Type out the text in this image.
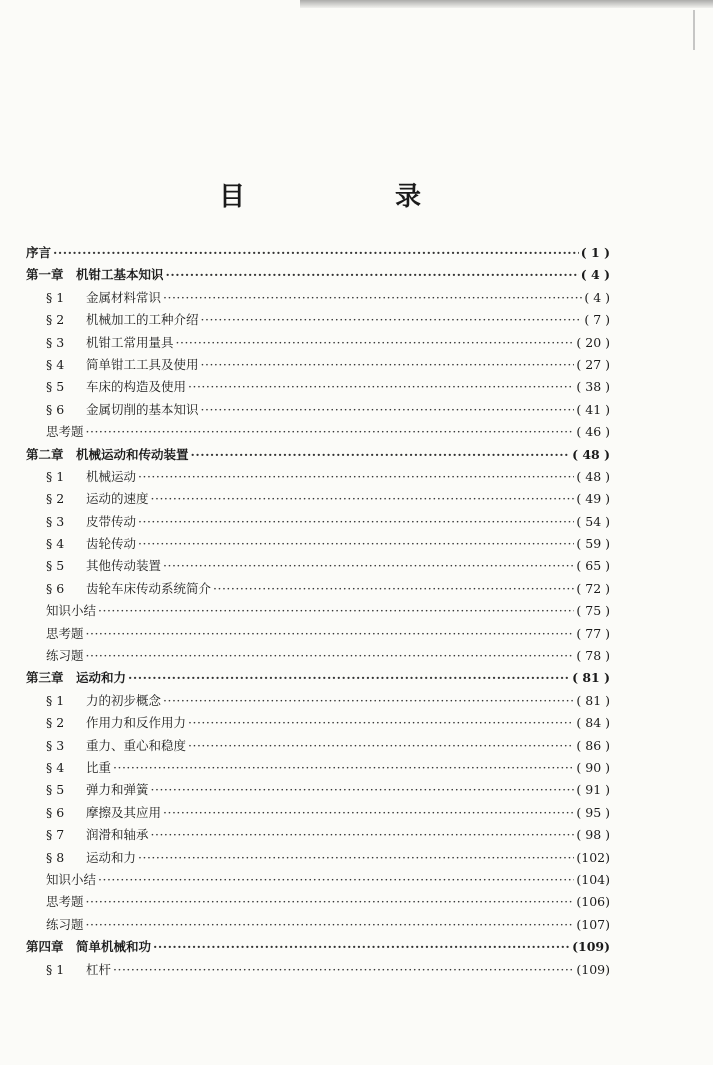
目　录
序言 ·····	( 1 )
第一章　机钳工基本知识 ·····	( 4 )
§ 1	金属材料常识 ·····	( 4 )
§ 2	机械加工的工种介绍 ·····	( 7 )
§ 3	机钳工常用量具 ·····	( 20 )
§ 4	简单钳工工具及使用 ·····	( 27 )
§ 5	车床的构造及使用 ·····	( 38 )
§ 6	金属切削的基本知识 ·····	( 41 )
思考题 ·····	( 46 )
第二章　机械运动和传动装置 ·····	( 48 )
§ 1	机械运动 ·····	( 48 )
§ 2	运动的速度 ·····	( 49 )
§ 3	皮带传动 ·····	( 54 )
§ 4	齿轮传动 ·····	( 59 )
§ 5	其他传动装置 ·····	( 65 )
§ 6	齿轮车床传动系统简介 ·····	( 72 )
知识小结 ·····	( 75 )
思考题 ·····	( 77 )
练习题 ·····	( 78 )
第三章　运动和力 ·····	( 81 )
§ 1	力的初步概念 ·····	( 81 )
§ 2	作用力和反作用力 ·····	( 84 )
§ 3	重力、重心和稳度 ·····	( 86 )
§ 4	比重 ·····	( 90 )
§ 5	弹力和弹簧 ·····	( 91 )
§ 6	摩擦及其应用 ·····	( 95 )
§ 7	润滑和轴承 ·····	( 98 )
§ 8	运动和力 ·····	(102)
知识小结 ·····	(104)
思考题 ·····	(106)
练习题 ·····	(107)
第四章　简单机械和功 ·····	(109)
§ 1	杠杆 ·····	(109)
